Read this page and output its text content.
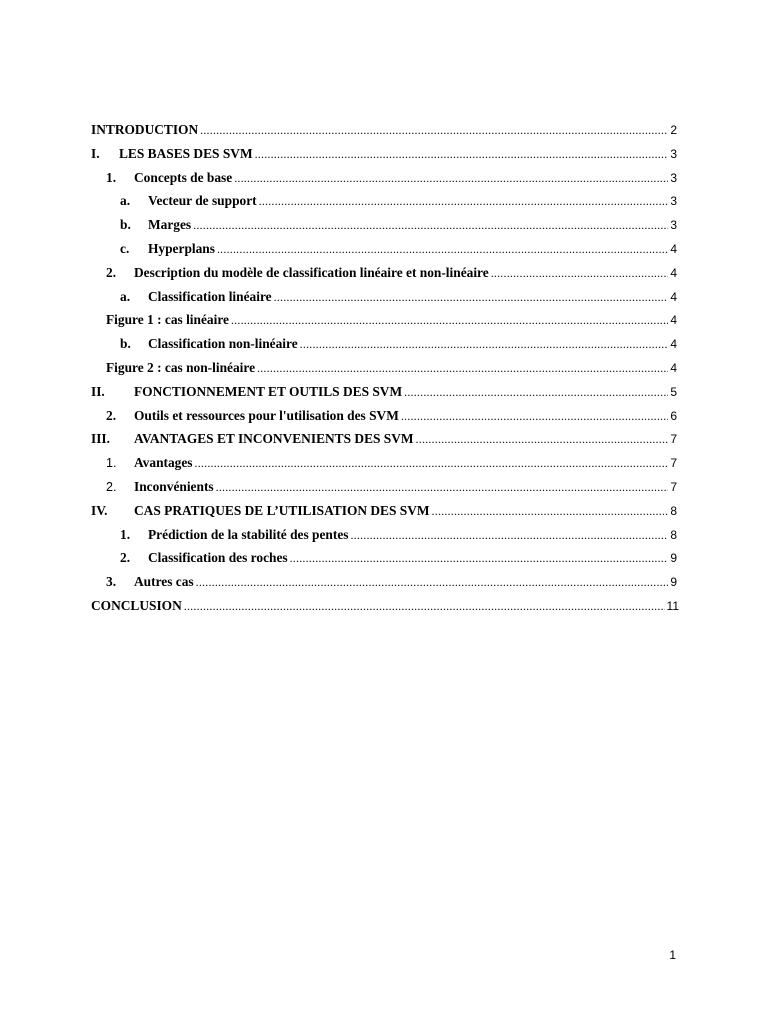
INTRODUCTION .....	2
I.	LES BASES DES SVM .....	3
1.	Concepts de base .....	3
a.	Vecteur de support .....	3
b.	Marges .....	3
c.	Hyperplans .....	4
2.	Description du modèle de classification linéaire et non-linéaire .....	4
a.	Classification linéaire .....	4
Figure 1 : cas linéaire .....	4
b.	Classification non-linéaire .....	4
Figure 2 : cas non-linéaire .....	4
II.	FONCTIONNEMENT ET OUTILS DES SVM .....	5
2.	Outils et ressources pour l'utilisation des SVM .....	6
III.	AVANTAGES ET INCONVENIENTS DES SVM .....	7
1.	Avantages .....	7
2.	Inconvénients .....	7
IV.	CAS PRATIQUES DE L’UTILISATION DES SVM .....	8
1.	Prédiction de la stabilité des pentes .....	8
2.	Classification des roches .....	9
3.	Autres cas .....	9
CONCLUSION .....	11
1
